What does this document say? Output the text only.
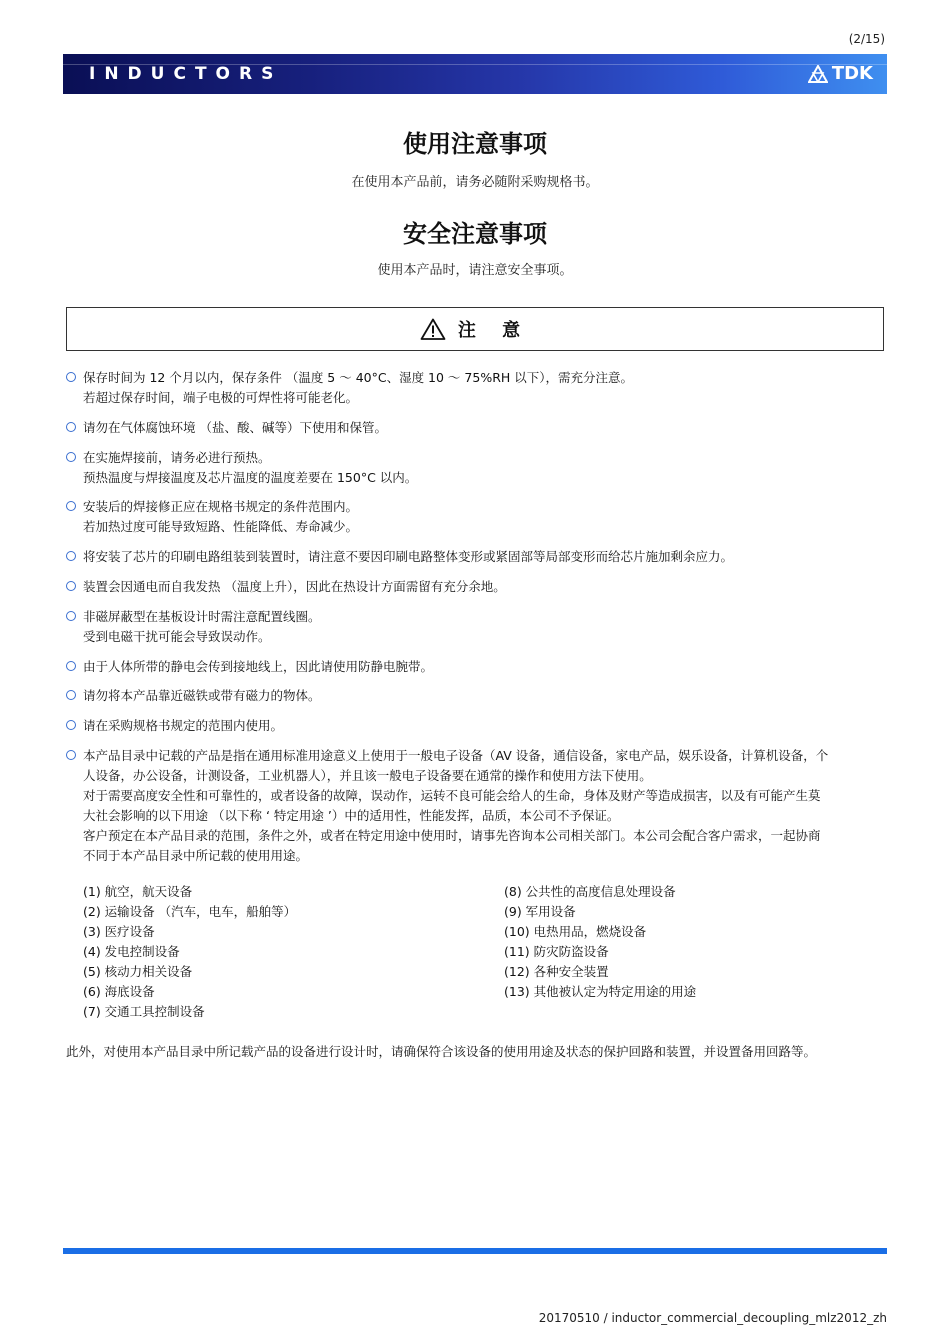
(2/15)
INDUCTORS	TDK
使用注意事项
在使用本产品前，请务必随附采购规格书。
安全注意事项
使用本产品时，请注意安全事项。
注 意
保存时间为 12 个月以内，保存条件 （温度 5 ～ 40°C、湿度 10 ～ 75%RH 以下），需充分注意。
若超过保存时间，端子电极的可焊性将可能老化。
请勿在气体腐蚀环境 （盐、酸、碱等）下使用和保管。
在实施焊接前，请务必进行预热。
预热温度与焊接温度及芯片温度的温度差要在 150°C 以内。
安装后的焊接修正应在规格书规定的条件范围内。
若加热过度可能导致短路、性能降低、寿命减少。
将安装了芯片的印刷电路组装到装置时，请注意不要因印刷电路整体变形或紧固部等局部变形而给芯片施加剩余应力。
装置会因通电而自我发热 （温度上升），因此在热设计方面需留有充分余地。
非磁屏蔽型在基板设计时需注意配置线圈。
受到电磁干扰可能会导致误动作。
由于人体所带的静电会传到接地线上，因此请使用防静电腕带。
请勿将本产品靠近磁铁或带有磁力的物体。
请在采购规格书规定的范围内使用。
本产品目录中记载的产品是指在通用标准用途意义上使用于一般电子设备（AV 设备，通信设备，家电产品，娱乐设备，计算机设备，个
人设备，办公设备，计测设备，工业机器人），并且该一般电子设备要在通常的操作和使用方法下使用。
对于需要高度安全性和可靠性的，或者设备的故障，误动作，运转不良可能会给人的生命，身体及财产等造成损害，以及有可能产生莫
大社会影响的以下用途 （以下称 ‘ 特定用途 ’）中的适用性，性能发挥，品质，本公司不予保证。
客户预定在本产品目录的范围，条件之外，或者在特定用途中使用时，请事先咨询本公司相关部门。本公司会配合客户需求，一起协商
不同于本产品目录中所记载的使用用途。
(1) 航空，航天设备
(2) 运输设备 （汽车，电车，船舶等）
(3) 医疗设备
(4) 发电控制设备
(5) 核动力相关设备
(6) 海底设备
(7) 交通工具控制设备
(8) 公共性的高度信息处理设备
(9) 军用设备
(10) 电热用品，燃烧设备
(11) 防灾防盗设备
(12) 各种安全装置
(13) 其他被认定为特定用途的用途
此外，对使用本产品目录中所记载产品的设备进行设计时，请确保符合该设备的使用用途及状态的保护回路和装置，并设置备用回路等。
20170510 / inductor_commercial_decoupling_mlz2012_zh
